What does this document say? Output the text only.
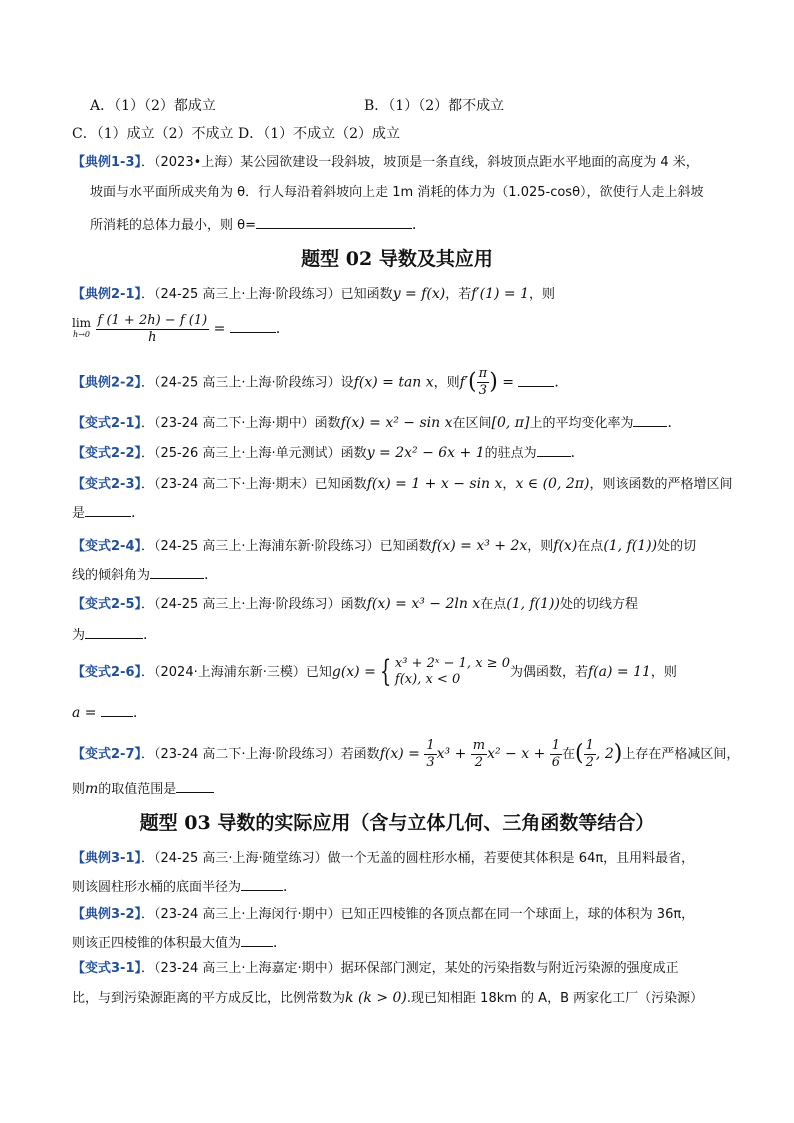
A．（1）（2）都成立	B．（1）（2）都不成立
C．（1）成立（2）不成立 D．（1）不成立（2）成立
【典例1-3】．（2023•上海）某公园欲建设一段斜坡，坡顶是一条直线，斜坡顶点距水平地面的高度为 4 米，
坡面与水平面所成夹角为 θ．行人每沿着斜坡向上走 1m 消耗的体力为（1.025-cosθ），欲使行人走上斜坡
所消耗的总体力最小，则 θ=	．
题型 02 导数及其应用
【典例2-1】．（24-25 高三上·上海·阶段练习）已知函数y = f(x)，若f′(1) = 1，则
lim
h→0
$\frac{f (1 + 2h) - f (1)}{h}$ =	．
【典例2-2】．（24-25 高三上·上海·阶段练习）设f(x) = tan x，则$f'( \frac{\pi}{3}$ ) =	．
【变式2-1】．（23-24 高二下·上海·期中）函数f(x) = x² − sin x在区间[0, π]上的平均变化率为 ．
【变式2-2】．（25-26 高三上·上海·单元测试）函数y = 2x² − 6x + 1的驻点为 ．
【变式2-3】．（23-24 高二下·上海·期末）已知函数f(x) = 1 + x − sin x，x ∈ (0, 2π)，则该函数的严格增区间
是	.
【变式2-4】．（24-25 高三上·上海浦东新·阶段练习）已知函数f(x) = x³ + 2x，则f(x)在点(1, f(1))处的切
线的倾斜角为	.
【变式2-5】．（24-25 高三上·上海·阶段练习）函数f(x) = x³ − 2ln x在点(1, f(1))处的切线方程
为	.
【变式2-6】．（2024·上海浦东新·三模）已知g(x) = { x³ + 2ˣ − 1, x ≥ 0
f(x), x < 0	为偶函数，若f(a) = 11，则
a =	．
【变式2-7】．（23-24 高二下·上海·阶段练习）若函数$f(x) = \frac{1}{3} x^3 + \frac{m}{2} x^2 - x + \frac{1}{6}$ 在( $\frac{1}{2}$ , 2)上存在严格减区间，
则m的取值范围是
题型 03 导数的实际应用（含与立体几何、三角函数等结合）
【典例3-1】．（24-25 高三·上海·随堂练习）做一个无盖的圆柱形水桶，若要使其体积是 64π，且用料最省，
则该圆柱形水桶的底面半径为	．
【典例3-2】．（23-24 高三上·上海闵行·期中）已知正四棱锥的各顶点都在同一个球面上，球的体积为 36π，
则该正四棱锥的体积最大值为 ．
【变式3-1】．（23-24 高三上·上海嘉定·期中）据环保部门测定，某处的污染指数与附近污染源的强度成正
比，与到污染源距离的平方成反比，比例常数为k (k > 0).现已知相距 18km 的 A，B 两家化工厂（污染源）
